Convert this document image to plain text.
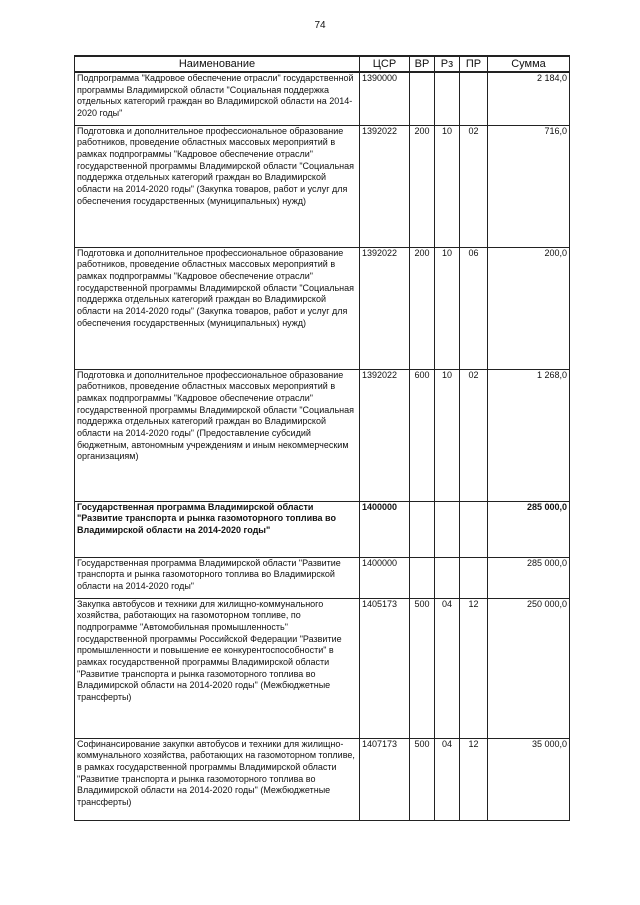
74
Наименование	ЦСР	ВР	Рз	ПР	Сумма
Подпрограмма "Кадровое обеспечение отрасли" государственной программы Владимирской области "Социальная поддержка отдельных категорий граждан во Владимирской области на 2014-2020 годы"	1390000				2 184,0
Подготовка и дополнительное профессиональное образование работников, проведение областных массовых мероприятий в рамках подпрограммы "Кадровое обеспечение отрасли" государственной программы Владимирской области "Социальная поддержка отдельных категорий граждан во Владимирской области на 2014-2020 годы" (Закупка товаров, работ и услуг для обеспечения государственных (муниципальных) нужд)	1392022	200	10	02	716,0
Подготовка и дополнительное профессиональное образование работников, проведение областных массовых мероприятий в рамках подпрограммы "Кадровое обеспечение отрасли" государственной программы Владимирской области "Социальная поддержка отдельных категорий граждан во Владимирской области на 2014-2020 годы" (Закупка товаров, работ и услуг для обеспечения государственных (муниципальных) нужд)	1392022	200	10	06	200,0
Подготовка и дополнительное профессиональное образование работников, проведение областных массовых мероприятий в рамках подпрограммы "Кадровое обеспечение отрасли" государственной программы Владимирской области "Социальная поддержка отдельных категорий граждан во Владимирской области на 2014-2020 годы" (Предоставление субсидий бюджетным, автономным учреждениям и иным некоммерческим организациям)	1392022	600	10	02	1 268,0
Государственная программа Владимирской области "Развитие транспорта и рынка газомоторного топлива во Владимирской области на 2014-2020 годы"	1400000				285 000,0
Государственная программа Владимирской области "Развитие транспорта и рынка газомоторного топлива во Владимирской области на 2014-2020 годы"	1400000				285 000,0
Закупка автобусов и техники для жилищно-коммунального хозяйства, работающих на газомоторном топливе, по подпрограмме "Автомобильная промышленность" государственной программы Российской Федерации "Развитие промышленности и повышение ее конкурентоспособности" в рамках государственной программы Владимирской области "Развитие транспорта и рынка газомоторного топлива во Владимирской области на 2014-2020 годы" (Межбюджетные трансферты)	1405173	500	04	12	250 000,0
Софинансирование закупки автобусов и техники для жилищно-коммунального хозяйства, работающих на газомоторном топливе, в рамках государственной программы Владимирской области "Развитие транспорта и рынка газомоторного топлива во Владимирской области на 2014-2020 годы" (Межбюджетные трансферты)	1407173	500	04	12	35 000,0
